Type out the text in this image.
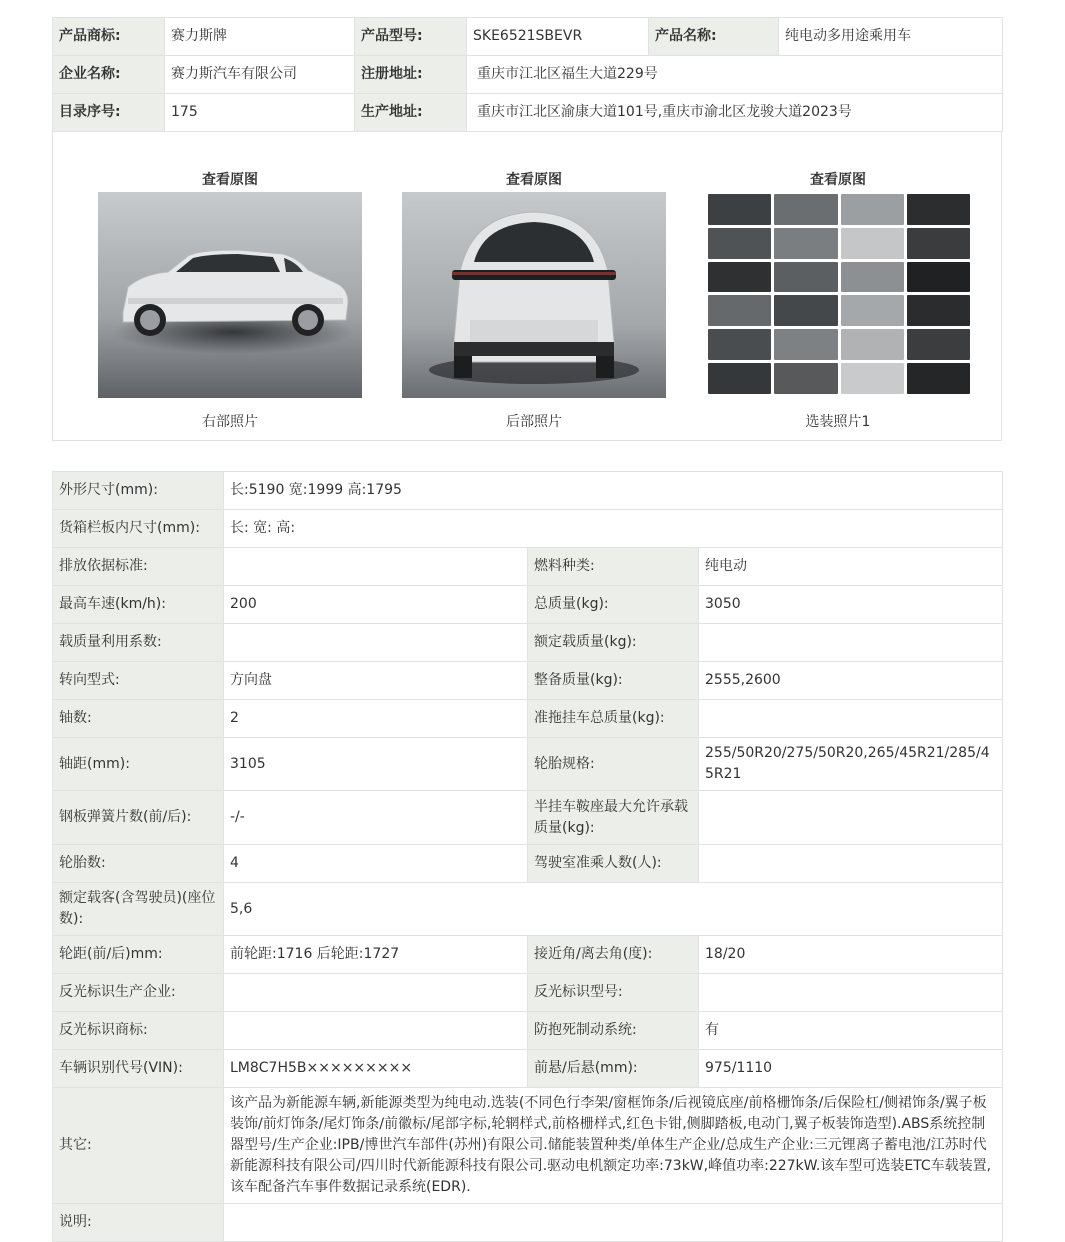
产品商标:	赛力斯牌	产品型号:	SKE6521SBEVR	产品名称:	纯电动多用途乘用车
企业名称:	赛力斯汽车有限公司	注册地址:	重庆市江北区福生大道229号		
目录序号:	175	生产地址:	重庆市江北区渝康大道101号,重庆市渝北区龙骏大道2023号		
查看原图
右部照片
查看原图
后部照片
查看原图
选装照片1
外形尺寸(mm):	长:5190 宽:1999 高:1795		
货箱栏板内尺寸(mm):	长: 宽: 高:		
排放依据标准:		燃料种类:	纯电动
最高车速(km/h):	200	总质量(kg):	3050
载质量利用系数:		额定载质量(kg):	
转向型式:	方向盘	整备质量(kg):	2555,2600
轴数:	2	准拖挂车总质量(kg):	
轴距(mm):	3105	轮胎规格:	255/50R20/275/50R20,265/45R21/285/45R21
钢板弹簧片数(前/后):	-/-	半挂车鞍座最大允许承载质量(kg):	
轮胎数:	4	驾驶室准乘人数(人):	
额定载客(含驾驶员)(座位数):	5,6		
轮距(前/后)mm:	前轮距:1716 后轮距:1727	接近角/离去角(度):	18/20
反光标识生产企业:		反光标识型号:	
反光标识商标:		防抱死制动系统:	有
车辆识别代号(VIN):	LM8C7H5B×××××××××	前悬/后悬(mm):	975/1110
其它:	该产品为新能源车辆,新能源类型为纯电动.选装(不同色行李架/窗框饰条/后视镜底座/前格栅饰条/后保险杠/侧裙饰条/翼子板装饰/前灯饰条/尾灯饰条/前徽标/尾部字标,轮辋样式,前格栅样式,红色卡钳,侧脚踏板,电动门,翼子板装饰造型).ABS系统控制器型号/生产企业:IPB/博世汽车部件(苏州)有限公司.储能装置种类/单体生产企业/总成生产企业:三元锂离子蓄电池/江苏时代新能源科技有限公司/四川时代新能源科技有限公司.驱动电机额定功率:73kW,峰值功率:227kW.该车型可选装ETC车载装置,该车配备汽车事件数据记录系统(EDR).		
说明:			
